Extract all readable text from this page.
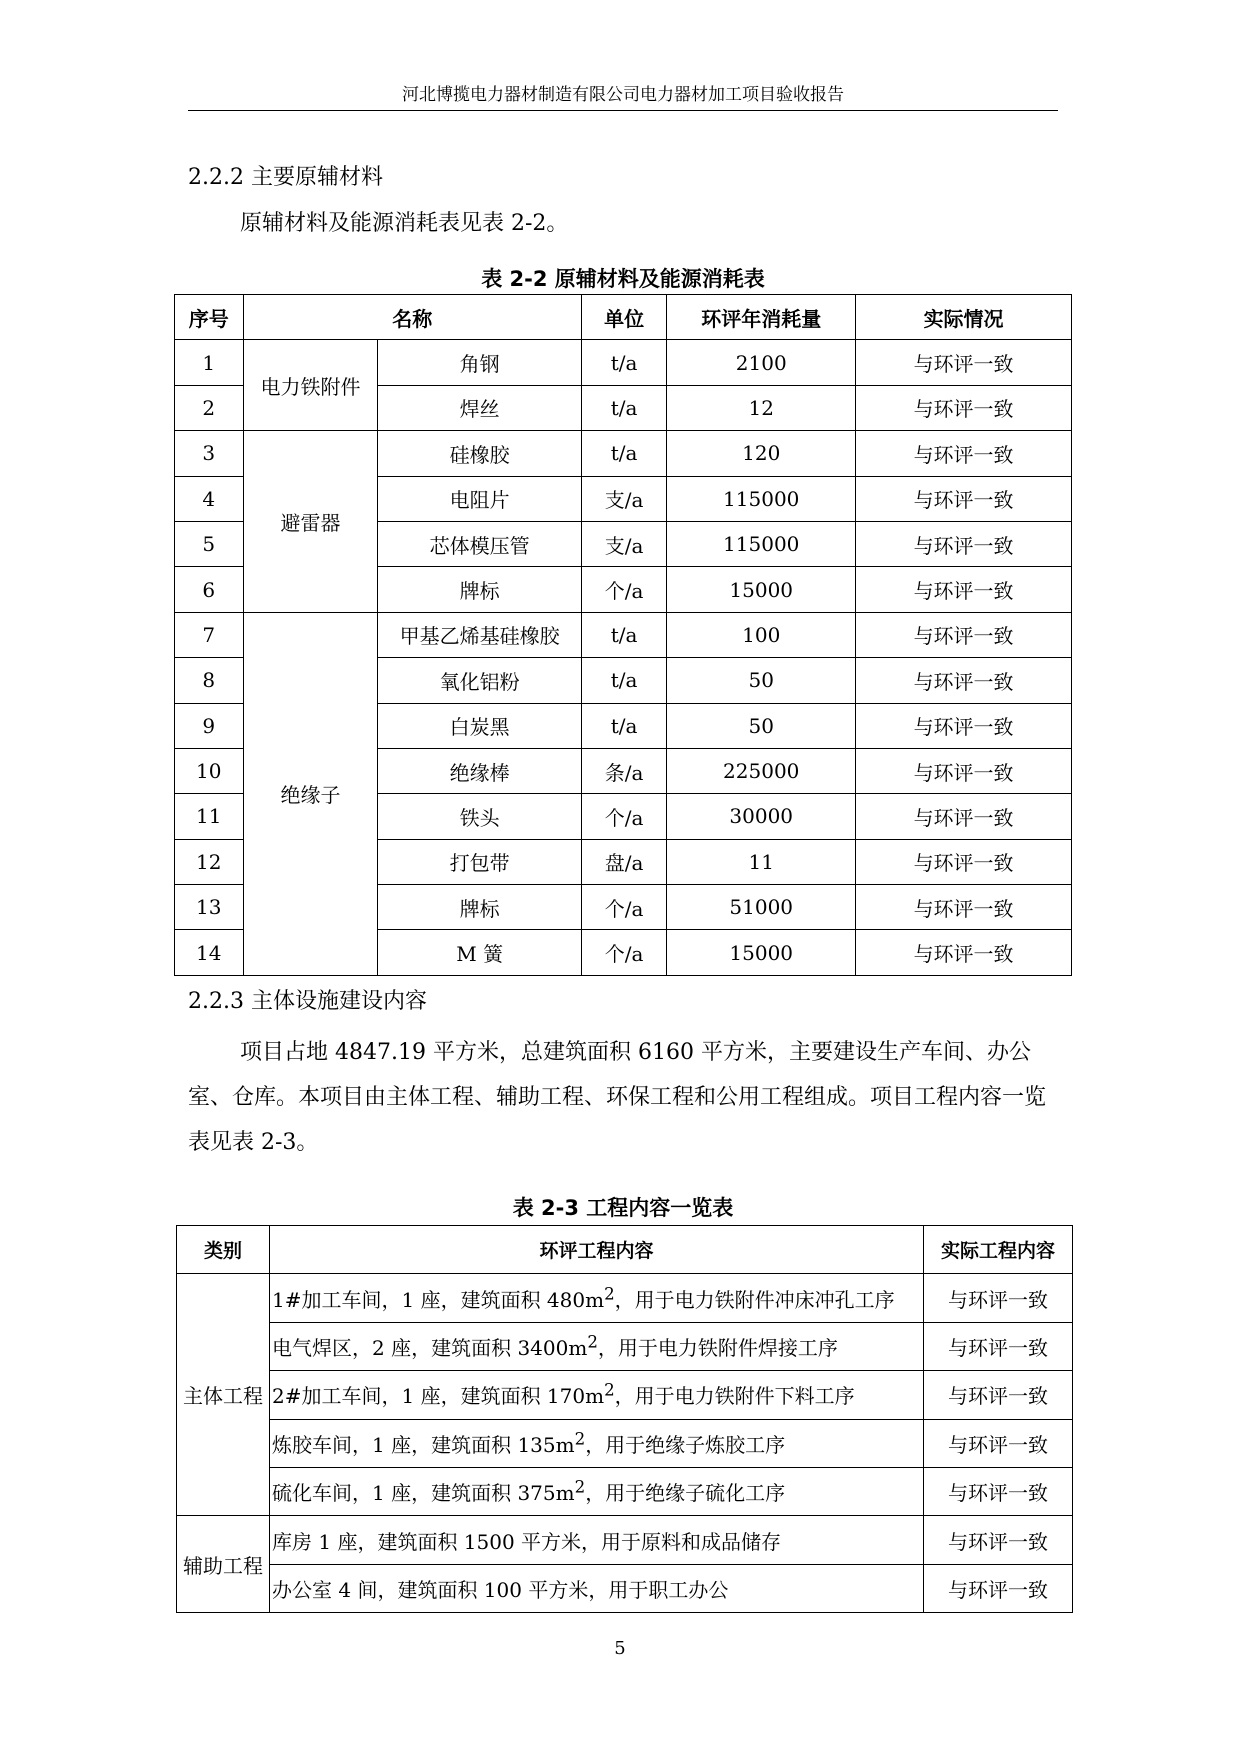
河北博揽电力器材制造有限公司电力器材加工项目验收报告
2.2.2 主要原辅材料
原辅材料及能源消耗表见表 2-2。
表 2-2 原辅材料及能源消耗表
序号	名称		单位	环评年消耗量	实际情况
1	电力铁附件	角钢	t/a	2100	与环评一致
2		焊丝	t/a	12	与环评一致
3	避雷器	硅橡胶	t/a	120	与环评一致
4		电阻片	支/a	115000	与环评一致
5		芯体模压管	支/a	115000	与环评一致
6		牌标	个/a	15000	与环评一致
7	绝缘子	甲基乙烯基硅橡胶	t/a	100	与环评一致
8		氧化铝粉	t/a	50	与环评一致
9		白炭黑	t/a	50	与环评一致
10		绝缘棒	条/a	225000	与环评一致
11		铁头	个/a	30000	与环评一致
12		打包带	盘/a	11	与环评一致
13		牌标	个/a	51000	与环评一致
14		M 簧	个/a	15000	与环评一致
2.2.3 主体设施建设内容
项目占地 4847.19 平方米，总建筑面积 6160 平方米，主要建设生产车间、办公室、仓库。本项目由主体工程、辅助工程、环保工程和公用工程组成。项目工程内容一览表见表 2-3。
表 2-3 工程内容一览表
类别	环评工程内容	实际工程内容
主体工程	1#加工车间，1 座，建筑面积 $480m^2$，用于电力铁附件冲床冲孔工序	与环评一致
	电气焊区，2 座，建筑面积 $3400m^2$，用于电力铁附件焊接工序	与环评一致
	2#加工车间，1 座，建筑面积 $170m^2$，用于电力铁附件下料工序	与环评一致
	炼胶车间，1 座，建筑面积 $135m^2$，用于绝缘子炼胶工序	与环评一致
	硫化车间，1 座，建筑面积 $375m^2$，用于绝缘子硫化工序	与环评一致
辅助工程	库房 1 座，建筑面积 1500 平方米，用于原料和成品储存	与环评一致
	办公室 4 间，建筑面积 100 平方米，用于职工办公	与环评一致
5
